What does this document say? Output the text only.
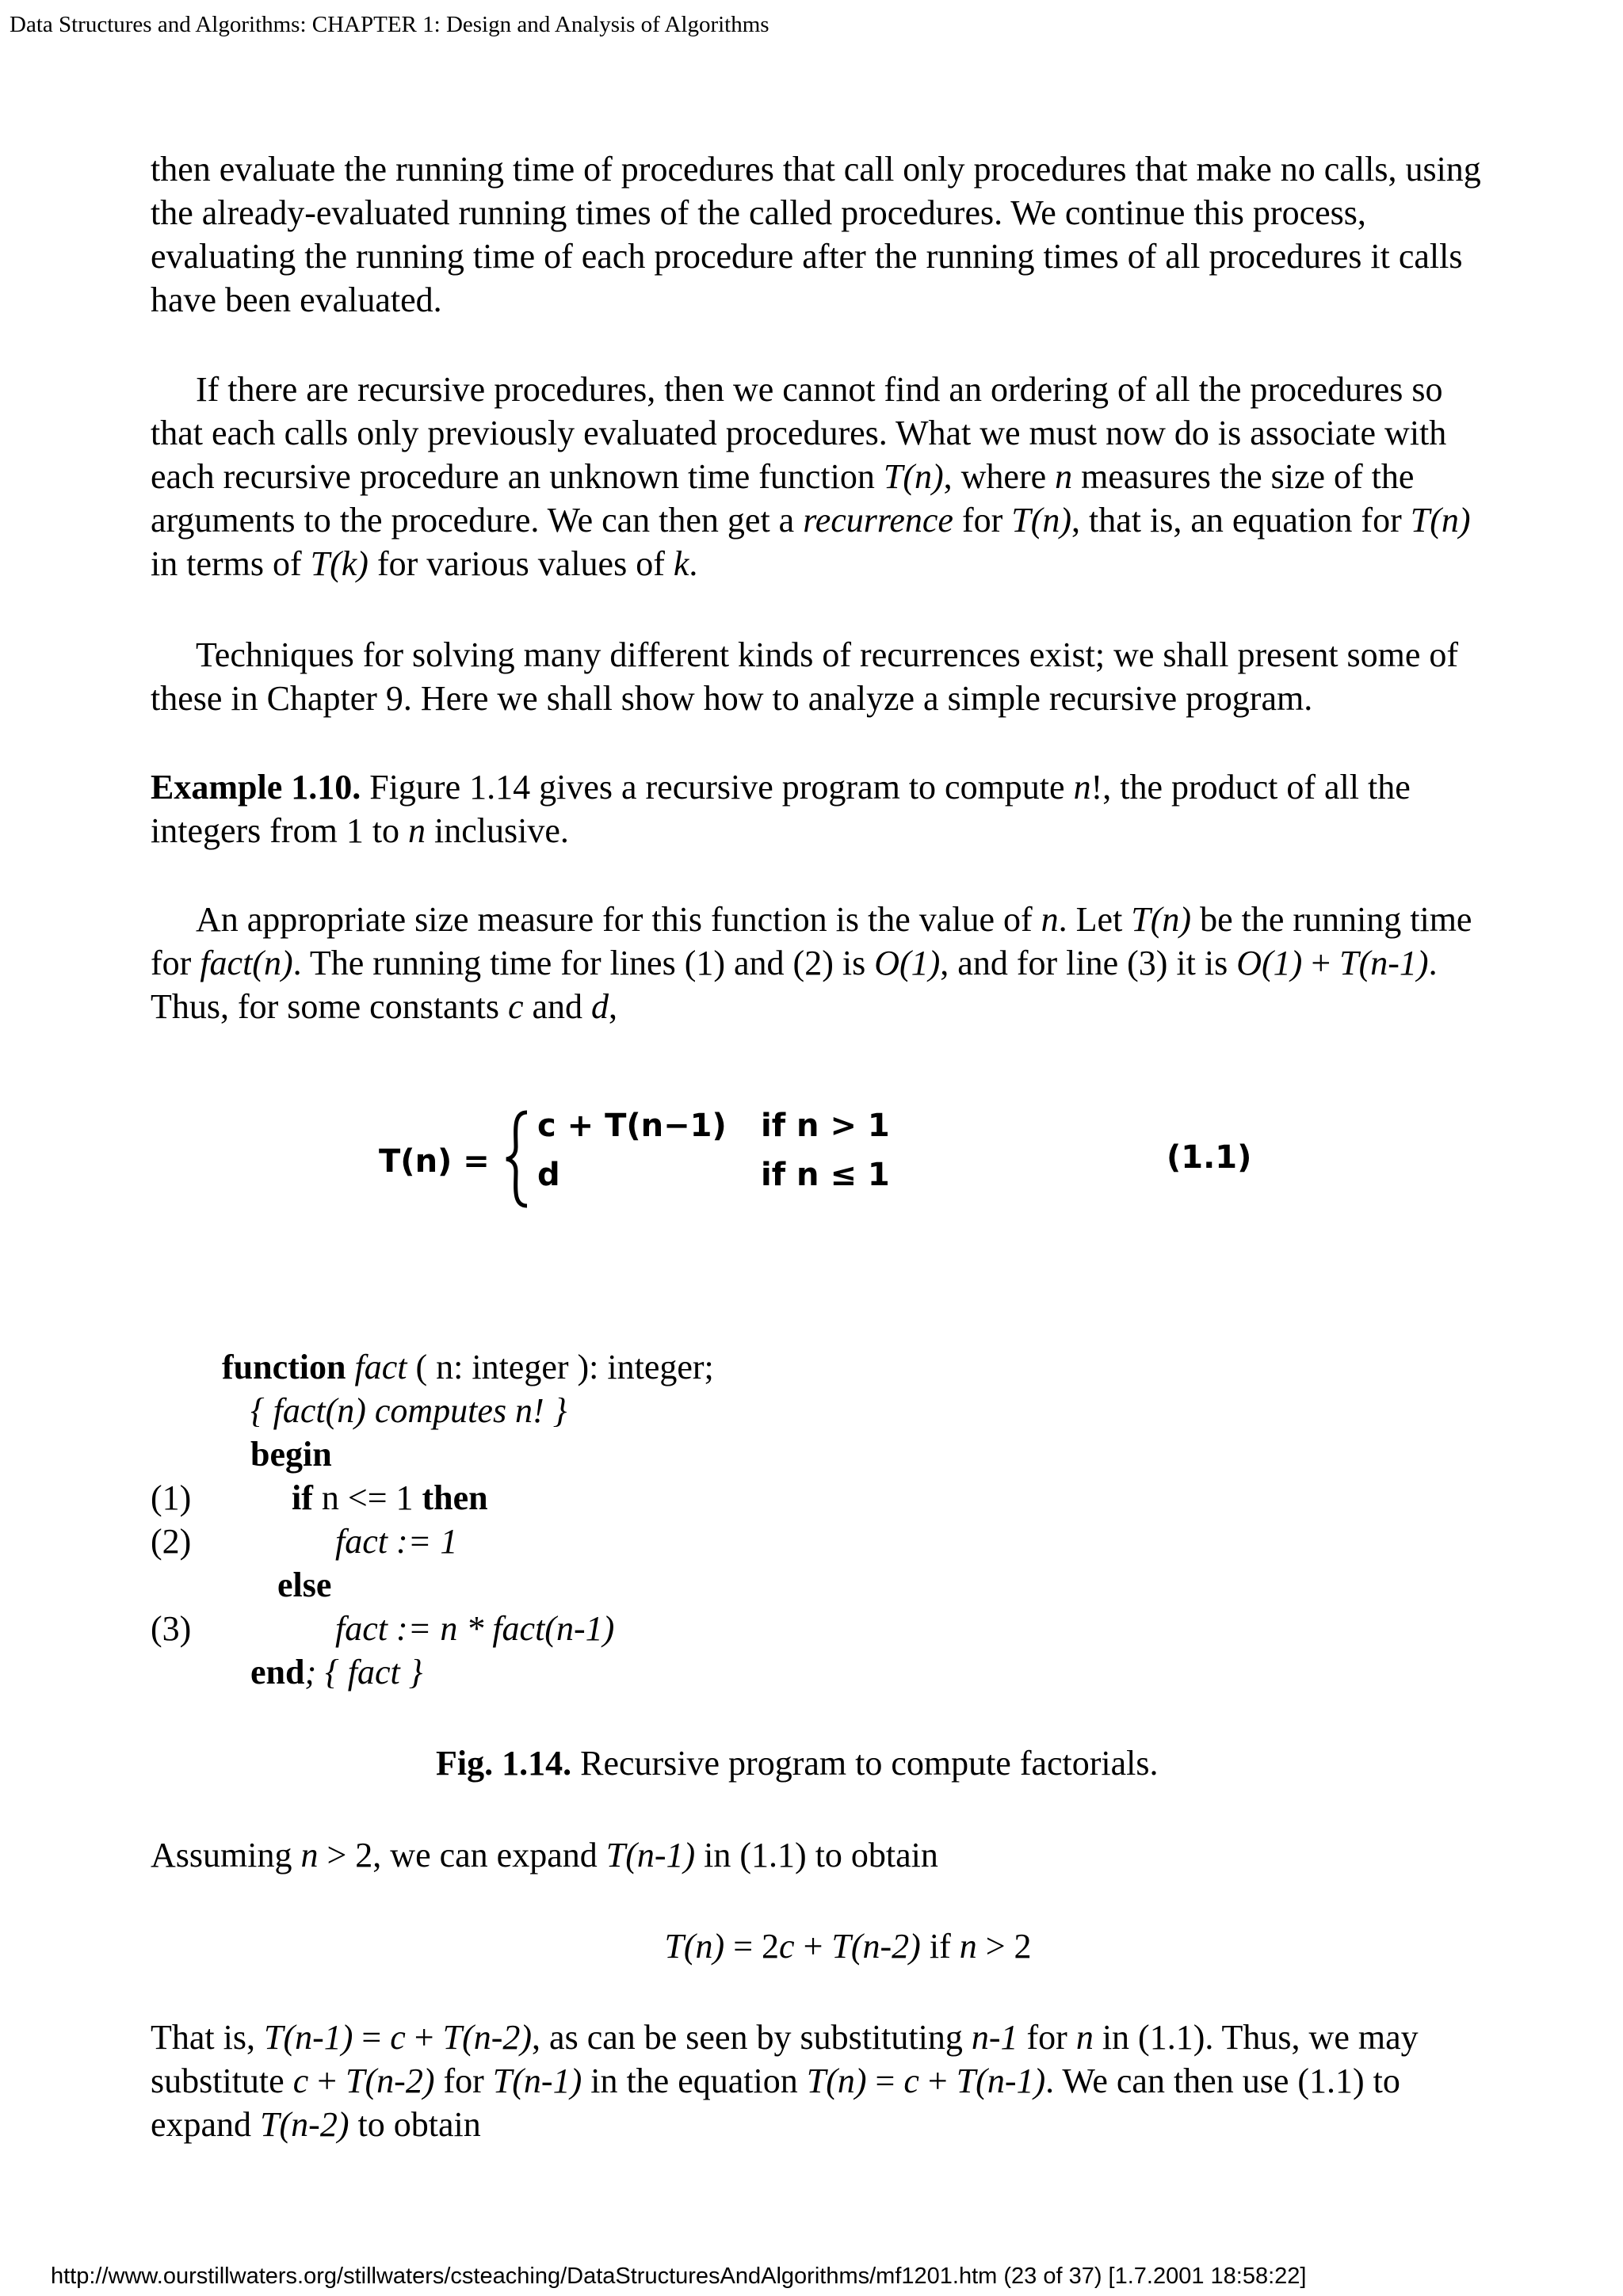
Data Structures and Algorithms: CHAPTER 1: Design and Analysis of Algorithms

then evaluate the running time of procedures that call only procedures that make no calls, using the already-evaluated running times of the called procedures. We continue this process, evaluating the running time of each procedure after the running times of all procedures it calls have been evaluated.

If there are recursive procedures, then we cannot find an ordering of all the procedures so that each calls only previously evaluated procedures. What we must now do is associate with each recursive procedure an unknown time function T(n), where n measures the size of the arguments to the procedure. We can then get a recurrence for T(n), that is, an equation for T(n) in terms of T(k) for various values of k.

Techniques for solving many different kinds of recurrences exist; we shall present some of these in Chapter 9. Here we shall show how to analyze a simple recursive program.

Example 1.10. Figure 1.14 gives a recursive program to compute n!, the product of all the integers from 1 to n inclusive.

An appropriate size measure for this function is the value of n. Let T(n) be the running time for fact(n). The running time for lines (1) and (2) is O(1), and for line (3) it is O(1) + T(n-1). Thus, for some constants c and d,

T(n) =
c + T(n−1) if n > 1
d	if n ≤ 1	(1.1)
function fact ( n: integer ): integer;
{ fact(n) computes n! }
begin
(1)	if n <= 1 then
(2)	fact := 1
else
(3)	fact := n * fact(n-1)
end; { fact }
Fig. 1.14. Recursive program to compute factorials.

Assuming n > 2, we can expand T(n-1) in (1.1) to obtain

T(n) = 2c + T(n-2) if n > 2

That is, T(n-1) = c + T(n-2), as can be seen by substituting n-1 for n in (1.1). Thus, we may substitute c + T(n-2) for T(n-1) in the equation T(n) = c + T(n-1). We can then use (1.1) to expand T(n-2) to obtain

http://www.ourstillwaters.org/stillwaters/csteaching/DataStructuresAndAlgorithms/mf1201.htm (23 of 37) [1.7.2001 18:58:22]
